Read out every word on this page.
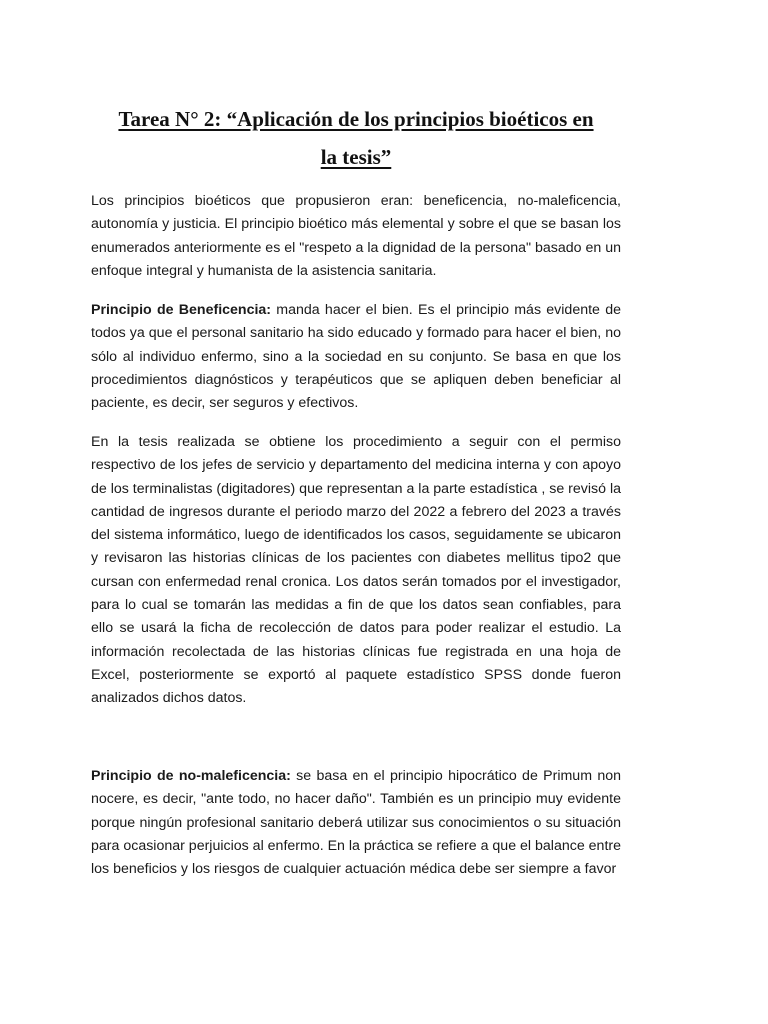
Tarea N° 2: “Aplicación de los principios bioéticos en
la tesis”

Los principios bioéticos que propusieron eran: beneficencia, no-maleficencia, autonomía y justicia. El principio bioético más elemental y sobre el que se basan los enumerados anteriormente es el "respeto a la dignidad de la persona" basado en un enfoque integral y humanista de la asistencia sanitaria.

Principio de Beneficencia: manda hacer el bien. Es el principio más evidente de todos ya que el personal sanitario ha sido educado y formado para hacer el bien, no sólo al individuo enfermo, sino a la sociedad en su conjunto. Se basa en que los procedimientos diagnósticos y terapéuticos que se apliquen deben beneficiar al paciente, es decir, ser seguros y efectivos.

En la tesis realizada se obtiene los procedimiento a seguir con el permiso respectivo de los jefes de servicio y departamento del medicina interna y con apoyo de los terminalistas (digitadores) que representan a la parte estadística , se revisó la cantidad de ingresos durante el periodo marzo del 2022 a febrero del 2023 a través del sistema informático, luego de identificados los casos, seguidamente se ubicaron y revisaron las historias clínicas de los pacientes con diabetes mellitus tipo2 que cursan con enfermedad renal cronica. Los datos serán tomados por el investigador, para lo cual se tomarán las medidas a fin de que los datos sean confiables, para ello se usará la ficha de recolección de datos para poder realizar el estudio. La información recolectada de las historias clínicas fue registrada en una hoja de Excel, posteriormente se exportó al paquete estadístico SPSS donde fueron analizados dichos datos.

Principio de no-maleficencia: se basa en el principio hipocrático de Primum non nocere, es decir, "ante todo, no hacer daño". También es un principio muy evidente porque ningún profesional sanitario deberá utilizar sus conocimientos o su situación para ocasionar perjuicios al enfermo. En la práctica se refiere a que el balance entre los beneficios y los riesgos de cualquier actuación médica debe ser siempre a favor
